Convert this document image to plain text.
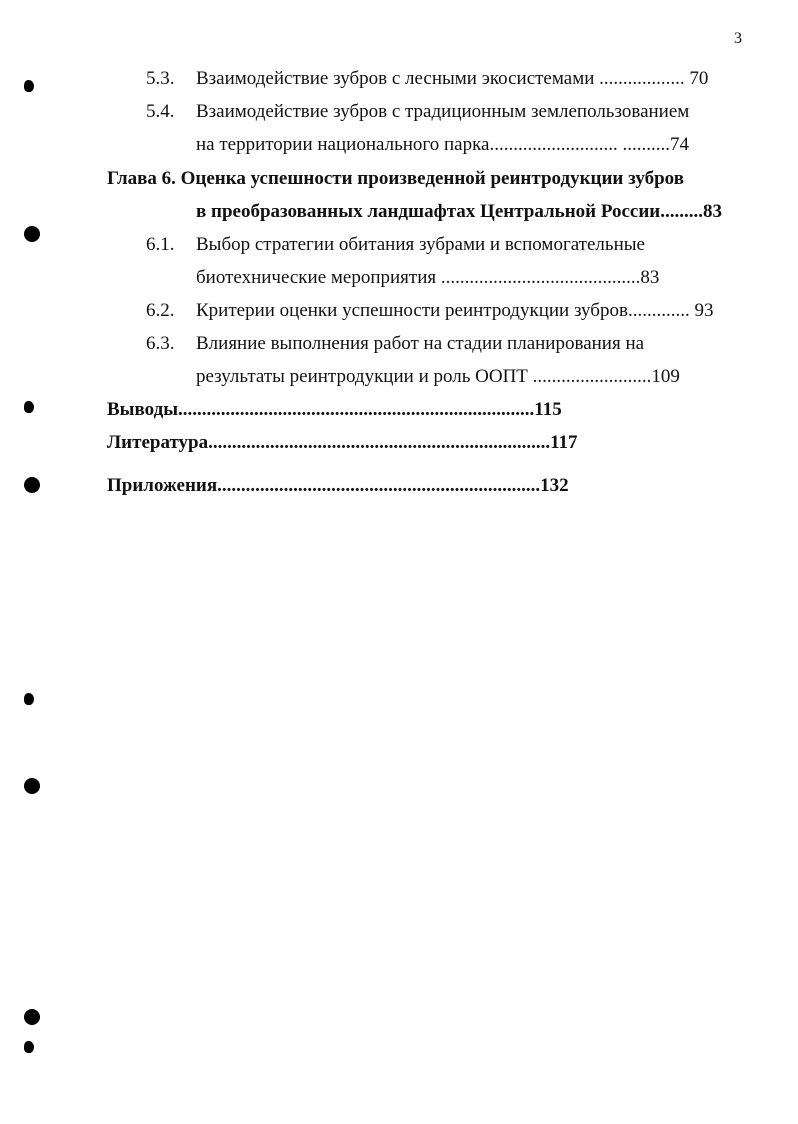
3
5.3. Взаимодействие зубров с лесными экосистемами .................. 70
5.4. Взаимодействие зубров с традиционным землепользованием
на территории национального парка........................... ..........74
Глава 6. Оценка успешности произведенной реинтродукции зубров
в преобразованных ландшафтах Центральной России.........83
6.1. Выбор стратегии обитания зубрами и вспомогательные
биотехнические мероприятия ..........................................83
6.2. Критерии оценки успешности реинтродукции зубров............. 93
6.3. Влияние выполнения работ на стадии планирования на
результаты реинтродукции и роль ООПТ .........................109
Выводы...........................................................................115
Литература........................................................................117
Приложения....................................................................132
